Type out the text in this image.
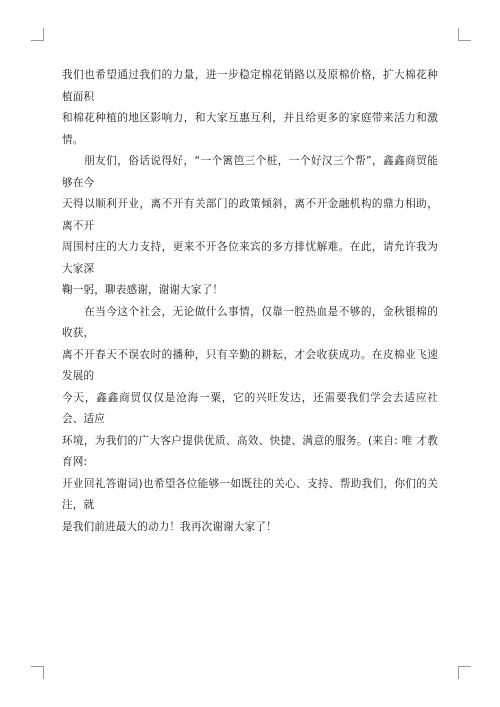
我们也希望通过我们的力量，进一步稳定棉花销路以及原棉价格，扩大棉花种植面积
和棉花种植的地区影响力，和大家互惠互利，并且给更多的家庭带来活力和激情。

　　朋友们，俗话说得好，“一个篱笆三个桩，一个好汉三个帮”，鑫鑫商贸能够在今
天得以顺利开业，离不开有关部门的政策倾斜，离不开金融机构的鼎力相助，离不开
周围村庄的大力支持，更来不开各位来宾的多方排忧解难。在此，请允许我为大家深
鞠一躬，聊表感谢，谢谢大家了！

　　在当今这个社会，无论做什么事情，仅靠一腔热血是不够的，金秋银棉的收获，
离不开春天不误农时的播种，只有辛勤的耕耘，才会收获成功。在皮棉业飞速发展的
今天，鑫鑫商贸仅仅是沧海一粟，它的兴旺发达，还需要我们学会去适应社会、适应
环境，为我们的广大客户提供优质、高效、快捷、满意的服务。(来自: 唯 才教 育网:
开业回礼答谢词)也希望各位能够一如既往的关心、支持、帮助我们，你们的关注，就
是我们前进最大的动力！我再次谢谢大家了！
